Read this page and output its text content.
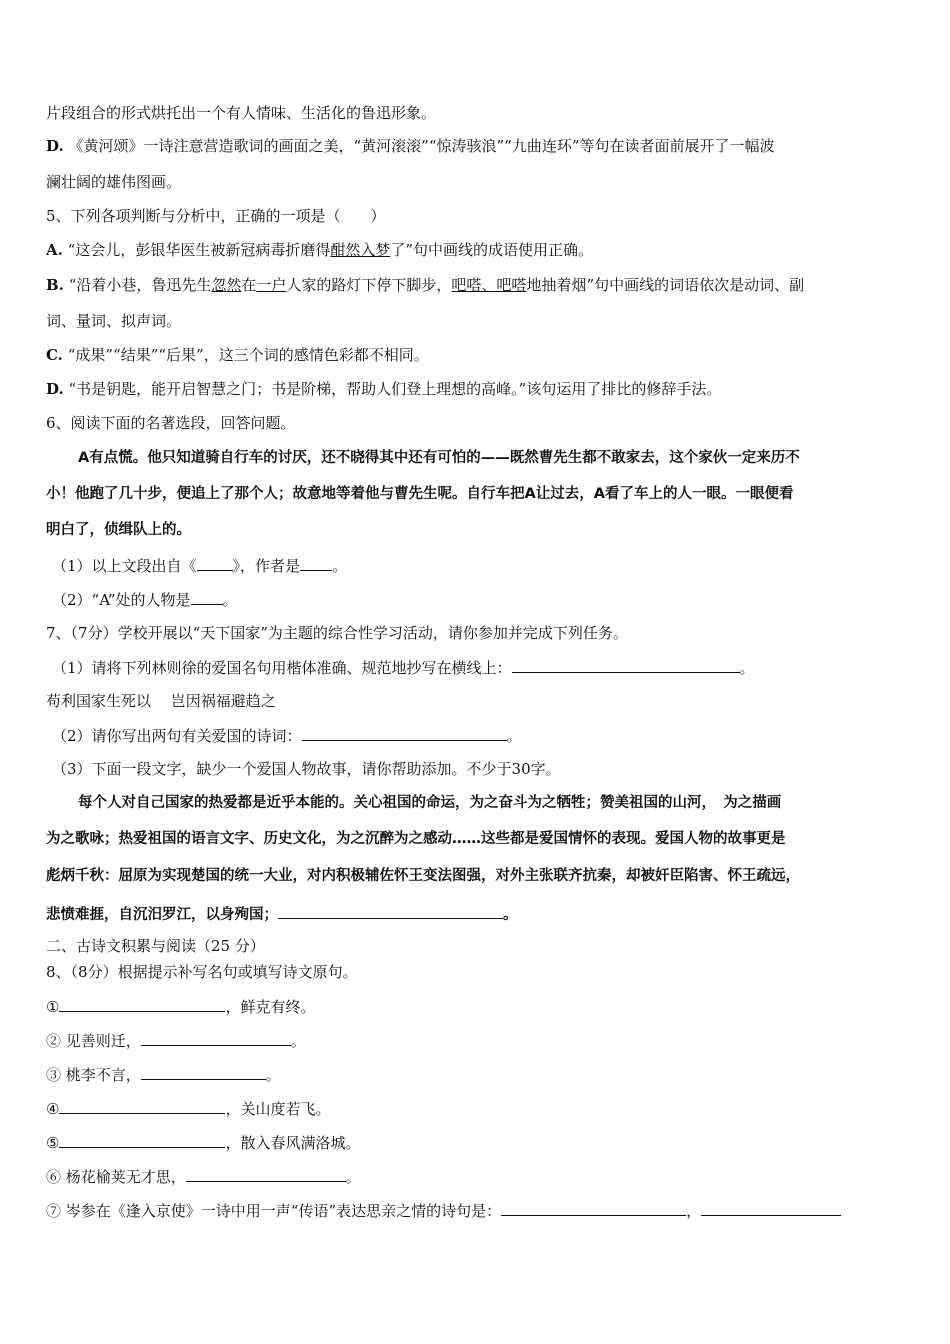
片段组合的形式烘托出一个有人情味、生活化的鲁迅形象。
D. 《黄河颂》一诗注意营造歌词的画面之美，“黄河滚滚”“惊涛骇浪”“九曲连环”等句在读者面前展开了一幅波
澜壮阔的雄伟图画。
5、下列各项判断与分析中，正确的一项是（　　）
A. “这会儿，彭银华医生被新冠病毒折磨得酣然入梦了”句中画线的成语使用正确。
B. “沿着小巷，鲁迅先生忽然在一户人家的路灯下停下脚步，吧嗒、吧嗒地抽着烟”句中画线的词语依次是动词、副
词、量词、拟声词。
C. “成果”“结果”“后果”，这三个词的感情色彩都不相同。
D. “书是钥匙，能开启智慧之门；书是阶梯，帮助人们登上理想的高峰。”该句运用了排比的修辞手法。
6、阅读下面的名著选段，回答问题。
A有点慌。他只知道骑自行车的讨厌，还不晓得其中还有可怕的——既然曹先生都不敢家去，这个家伙一定来历不
小！他跑了几十步，便追上了那个人；故意地等着他与曹先生呢。自行车把A让过去，A看了车上的人一眼。一眼便看
明白了，侦缉队上的。
（1）以上文段出自《 》，作者是 。
（2）“A”处的人物是 。
7、（7分）学校开展以“天下国家”为主题的综合性学习活动，请你参加并完成下列任务。
（1）请将下列林则徐的爱国名句用楷体准确、规范地抄写在横线上：	。
苟利国家生死以　 岂因祸福避趋之
（2）请你写出两句有关爱国的诗词：	。
（3）下面一段文字，缺少一个爱国人物故事，请你帮助添加。不少于30字。
每个人对自己国家的热爱都是近乎本能的。关心祖国的命运，为之奋斗为之牺牲；赞美祖国的山河，　为之描画
为之歌咏；热爱祖国的语言文字、历史文化，为之沉醉为之感动……这些都是爱国情怀的表现。爱国人物的故事更是
彪炳千秋：屈原为实现楚国的统一大业，对内积极辅佐怀王变法图强，对外主张联齐抗秦，却被奸臣陷害、怀王疏远，
悲愤难捱，自沉汨罗江，以身殉国；	。
二、古诗文积累与阅读（25 分）
8、（8分）根据提示补写名句或填写诗文原句。
①	，鲜克有终。
② 见善则迁，	。
③ 桃李不言，	。
④	，关山度若飞。
⑤	，散入春风满洛城。
⑥ 杨花榆荚无才思，	。
⑦ 岑参在《逢入京使》一诗中用一声“传语”表达思亲之情的诗句是：	，
